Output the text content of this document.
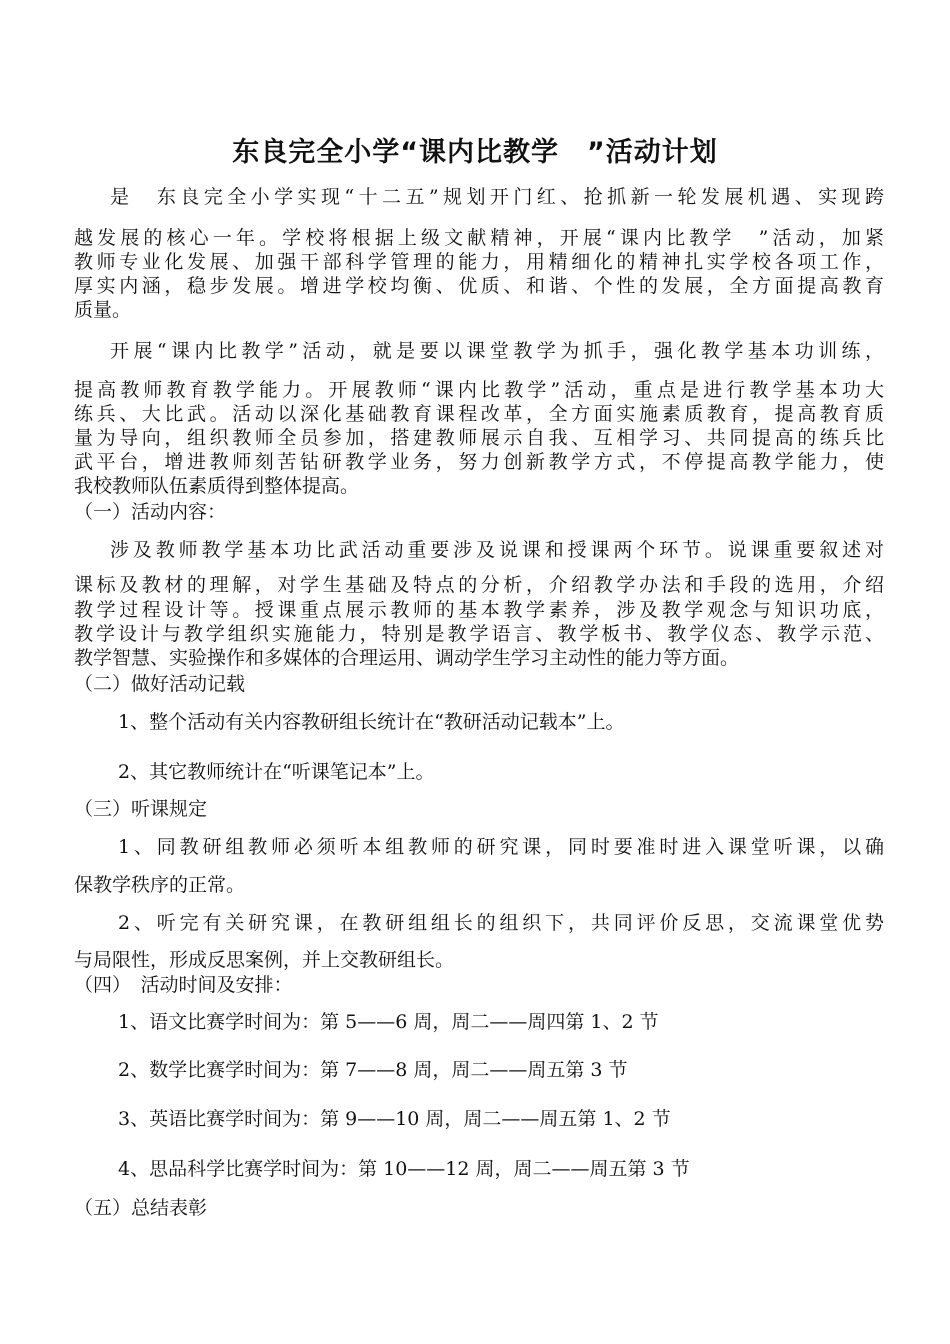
东良完全小学“课内比教学　”活动计划
是　东良完全小学实现“十二五”规划开门红、抢抓新一轮发展机遇、实现跨
越发展的核心一年。学校将根据上级文献精神，开展“课内比教学　”活动，加紧
教师专业化发展、加强干部科学管理的能力，用精细化的精神扎实学校各项工作，
厚实内涵，稳步发展。增进学校均衡、优质、和谐、个性的发展，全方面提高教育
质量。
开展“课内比教学”活动，就是要以课堂教学为抓手，强化教学基本功训练，
提高教师教育教学能力。开展教师“课内比教学”活动，重点是进行教学基本功大
练兵、大比武。活动以深化基础教育课程改革，全方面实施素质教育，提高教育质
量为导向，组织教师全员参加，搭建教师展示自我、互相学习、共同提高的练兵比
武平台，增进教师刻苦钻研教学业务，努力创新教学方式，不停提高教学能力，使
我校教师队伍素质得到整体提高。
（一）活动内容：
涉及教师教学基本功比武活动重要涉及说课和授课两个环节。说课重要叙述对
课标及教材的理解，对学生基础及特点的分析，介绍教学办法和手段的选用，介绍
教学过程设计等。授课重点展示教师的基本教学素养，涉及教学观念与知识功底，
教学设计与教学组织实施能力，特别是教学语言、教学板书、教学仪态、教学示范、
教学智慧、实验操作和多媒体的合理运用、调动学生学习主动性的能力等方面。
（二）做好活动记载
1、整个活动有关内容教研组长统计在“教研活动记载本”上。
2、其它教师统计在“听课笔记本”上。
（三）听课规定
1、同教研组教师必须听本组教师的研究课，同时要准时进入课堂听课，以确
保教学秩序的正常。
2、听完有关研究课，在教研组组长的组织下，共同评价反思，交流课堂优势
与局限性，形成反思案例，并上交教研组长。
（四）　活动时间及安排：
1、语文比赛学时间为：第 5——6 周，周二——周四第 1、2 节
2、数学比赛学时间为：第 7——8 周，周二——周五第 3 节
3、英语比赛学时间为：第 9——10 周，周二——周五第 1、2 节
4、思品科学比赛学时间为：第 10——12 周，周二——周五第 3 节
（五）总结表彰
